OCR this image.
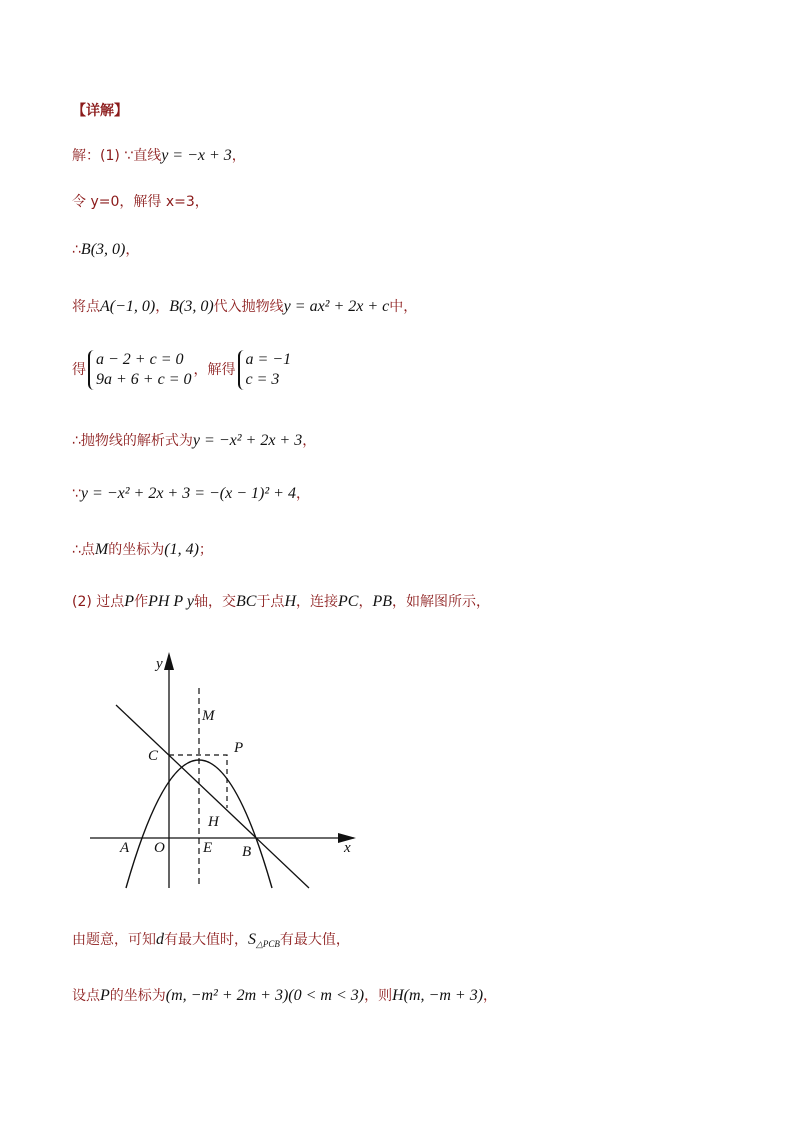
【详解】
解：(1) ∵直线y = −x + 3，
令 y=0，解得 x=3，
∴B(3, 0)，
将点A(−1, 0)，B(3, 0)代入抛物线y = ax² + 2x + c中，
得
a − 2 + c = 0
9a + 6 + c = 0
，解得
a = −1
c = 3
∴抛物线的解析式为y = −x² + 2x + 3，
∵y = −x² + 2x + 3 = −(x − 1)² + 4，
∴点M的坐标为(1, 4)；
(2) 过点P作PH P y轴，交BC于点H，连接PC，PB，如解图所示，
y
x
M
P
C
H
A O	E B
由题意，可知d有最大值时，$S_{\triangle PCB}$有最大值，
设点P的坐标为(m, −m² + 2m + 3)(0 < m < 3)，则H(m, −m + 3)，
